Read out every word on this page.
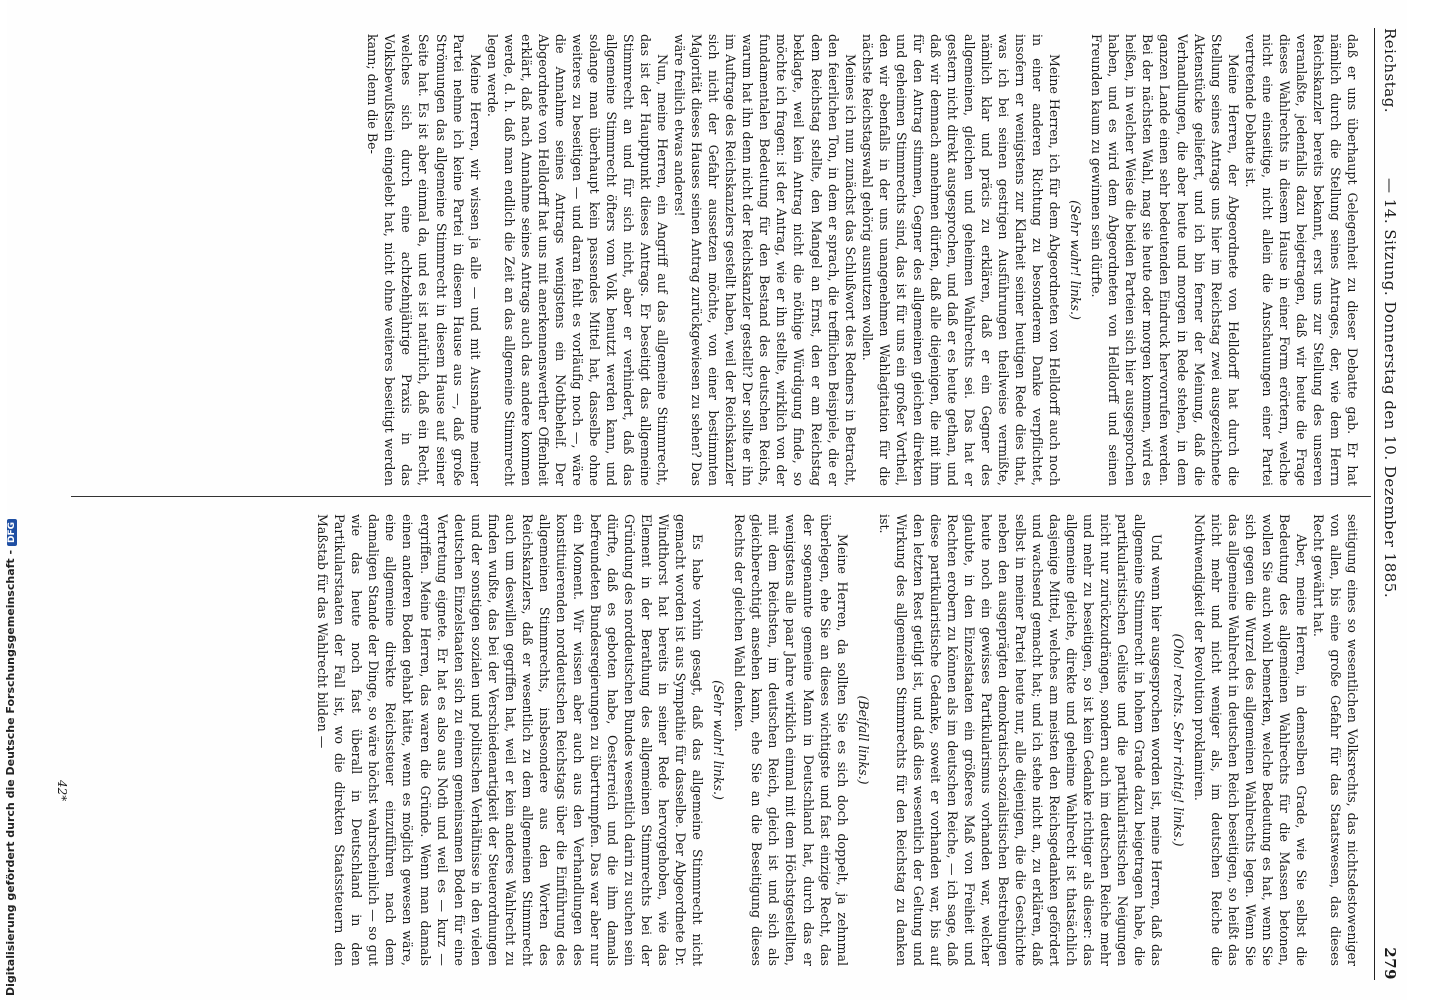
Reichstag.
— 14. Sitzung. Donnerstag den 10. Dezember 1885.
279

daß er uns überhaupt Gelegenheit zu dieser Debatte gab. Er hat nämlich durch die Stellung seines Antrages, der, wie dem Herrn Reichskanzler bereits bekannt, erst uns zur Stellung des unseren veranlaßte, jedenfalls dazu beigetragen, daß wir heute die Frage dieses Wahlrechts in diesem Hause in einer Form erörtern, welche nicht eine einseitige, nicht allein die Anschauungen einer Partei vertretende Debatte ist.

Meine Herren, der Abgeordnete von Helldorff hat durch die Stellung seines Antrags uns hier im Reichstag zwei ausgezeichnete Aktenstücke geliefert, und ich bin ferner der Meinung, daß die Verhandlungen, die aber heute und morgen in Rede stehen, in dem ganzen Lande einen sehr bedeutenden Eindruck hervorrufen werden. Bei der nächsten Wahl, mag sie heute oder morgen kommen, wird es heißen, in welcher Weise die beiden Parteien sich hier ausgesprochen haben, und es wird dem Abgeordneten von Helldorff und seinen Freunden kaum zu gewinnen sein dürfte.

(Sehr wahr! links.)

Meine Herren, ich für dem Abgeordneten von Helldorff auch noch in einer anderen Richtung zu besonderem Danke verpflichtet, insofern er wenigstens zur Klarheit seiner heutigen Rede dies that, was ich bei seinen gestrigen Ausführungen theilweise vermißte, nämlich klar und präcis zu erklären, daß er ein Gegner des allgemeinen, gleichen und geheimen Wahlrechts sei. Das hat er gestern nicht direkt ausgesprochen, und daß er es heute gethan, und daß wir demnach annehmen dürfen, daß alle diejenigen, die mit ihm für den Antrag stimmen, Gegner des allgemeinen gleichen direkten und geheimen Stimmrechts sind, das ist für uns ein großer Vortheil, den wir ebenfalls in der uns unangenehmen Wahlagitation für die nächste Reichstagswahl gehörig ausnutzen wollen.

Meines ich nun zunächst das Schlußwort des Redners in Betracht, den feierlichen Ton, in dem er sprach, die trefflichen Beispiele, die er dem Reichstag stellte, den Mangel an Ernst, den er am Reichstag beklagte, weil kein Antrag nicht die nöthige Würdigung finde, so möchte ich fragen: ist der Antrag, wie er ihn stellte, wirklich von der fundamentalen Bedeutung für den Bestand des deutschen Reichs, warum hat ihn denn nicht der Reichskanzler gestellt? Der sollte er ihn im Auftrage des Reichskanzlers gestellt haben, weil der Reichskanzler sich nicht der Gefahr aussetzen möchte, von einer bestimmten Majorität dieses Hauses seinen Antrag zurückgewiesen zu sehen? Das wäre freilich etwas anderes!

Nun, meine Herren, ein Angriff auf das allgemeine Stimmrecht, das ist der Hauptpunkt dieses Antrags. Er beseitigt das allgemeine Stimmrecht an und für sich nicht, aber er verhindert, daß das allgemeine Stimmrecht öfters vom Volk benutzt werden kann, und solange man überhaupt kein passendes Mittel hat, dasselbe ohne weiteres zu beseitigen — und daran fehlt es vorläufig noch —, wäre die Annahme seines Antrags wenigstens ein Nothbehelf. Der Abgeordnete von Helldorff hat uns mit anerkennenswerther Offenheit erklärt, daß nach Annahme seines Antrags auch das andere kommen werde, d. h. daß man endlich die Zeit an das allgemeine Stimmrecht legen werde.

Meine Herren, wir wissen ja alle — und mit Ausnahme meiner Partei nehme ich keine Partei in diesem Hause aus —, daß große Strömungen das allgemeine Stimmrecht in diesem Hause auf seiner Seite hat. Es ist aber einmal da, und es ist natürlich, daß ein Recht, welches sich durch eine achtzehnjährige Praxis in das Volksbewußtsein eingelebt hat, nicht ohne weiteres beseitigt werden kann; denn die Be-

seitigung eines so wesentlichen Volksrechts, das nichtsdestoweniger von allen, bis eine große Gefahr für das Staatswesen, das dieses Recht gewährt hat.

Aber, meine Herren, in demselben Grade, wie Sie selbst die Bedeutung des allgemeinen Wahlrechts für die Massen betonen, wollen Sie auch wohl bemerken, welche Bedeutung es hat, wenn Sie sich gegen die Wurzel des allgemeinen Wahlrechts legen. Wenn Sie das allgemeine Wahlrecht in deutschen Reich beseitigen, so heißt das nicht mehr und nicht weniger als, im deutschen Reiche die Nothwendigkeit der Revolution proklamiren.

(Oho! rechts. Sehr richtig! links.)

Und wenn hier ausgesprochen worden ist, meine Herren, daß das allgemeine Stimmrecht in hohem Grade dazu beigetragen habe, die partikularistischen Gelüste und die partikularistischen Neigungen nicht nur zurückzudrängen, sondern auch im deutschen Reiche mehr und mehr zu beseitigen, so ist kein Gedanke richtiger als dieser: das allgemeine gleiche, direkte und geheime Wahlrecht ist thatsächlich dasjenige Mittel, welches am meisten den Reichsgedanken gefördert und wachsend gemacht hat; und ich stehe nicht an, zu erklären, daß selbst in meiner Partei heute nur, alle diejenigen, die die Geschichte neben den ausgeprägten demokratisch-sozialistischen Bestrebungen heute noch ein gewisses Partikularismus vorhanden war, welcher glaubte, in den Einzelstaaten ein größeres Maß von Freiheit und Rechten erobern zu können als im deutschen Reiche, — ich sage, daß diese partikularistische Gedanke, soweit er vorhanden war, bis auf den letzten Rest getilgt ist, und daß dies wesentlich der Geltung und Wirkung des allgemeinen Stimmrechts für den Reichstag zu danken ist.

(Beifall links.)

Meine Herren, da sollten Sie es sich doch doppelt, ja zehnmal überlegen, ehe Sie an dieses wichtigste und fast einzige Recht, das der sogenannte gemeine Mann in Deutschland hat, durch das er wenigstens alle paar Jahre wirklich einmal mit dem Höchstgestellten, mit dem Reichsten, im deutschen Reich, gleich ist und sich als gleichberechtigt ansehen kann, ehe Sie an die Beseitigung dieses Rechts der gleichen Wahl denken.

(Sehr wahr! links.)

Es habe vorhin gesagt, daß das allgemeine Stimmrecht nicht gemacht worden ist aus Sympathie für dasselbe. Der Abgeordnete Dr. Windthorst hat bereits in seiner Rede hervorgehoben, wie das Element in der Berathung des allgemeinen Stimmrechts bei der Gründung des norddeutschen Bundes wesentlich darin zu suchen sein dürfte, daß es geboten habe, Oesterreich und die ihm damals befreundeten Bundesregierungen zu übertrumpfen. Das war aber nur ein Moment. Wir wissen aber auch aus den Verhandlungen des konstituierenden norddeutschen Reichstags über die Einführung des allgemeinen Stimmrechts, insbesondere aus den Worten des Reichskanzlers, daß er wesentlich zu dem allgemeinen Stimmrecht auch um deswillen gegriffen hat, weil er kein anderes Wahlrecht zu finden wußte, das bei der Verschiedenartigkeit der Steuerordnungen und der sonstigen sozialen und politischen Verhältnisse in den vielen deutschen Einzelstaaten sich zu einem gemeinsamen Boden für eine Vertretung eignete. Er hat es also aus Noth und weil es — kurz — ergriffen. Meine Herren, das waren die Gründe. Wenn man damals einen anderen Boden gehabt hätte, wenn es möglich gewesen wäre, eine allgemeine direkte Reichssteuer einzuführen nach dem damaligen Stande der Dinge, so wäre höchst wahrscheinlich — so gut wie das heute noch fast überall in Deutschland in den Partikularstaaten der Fall ist, wo die direkten Staatssteuern den Maßstab für das Wahlrecht bilden —

42*
Digitalisierung gefördert durch die Deutsche Forschungsgemeinschaft -DFG
